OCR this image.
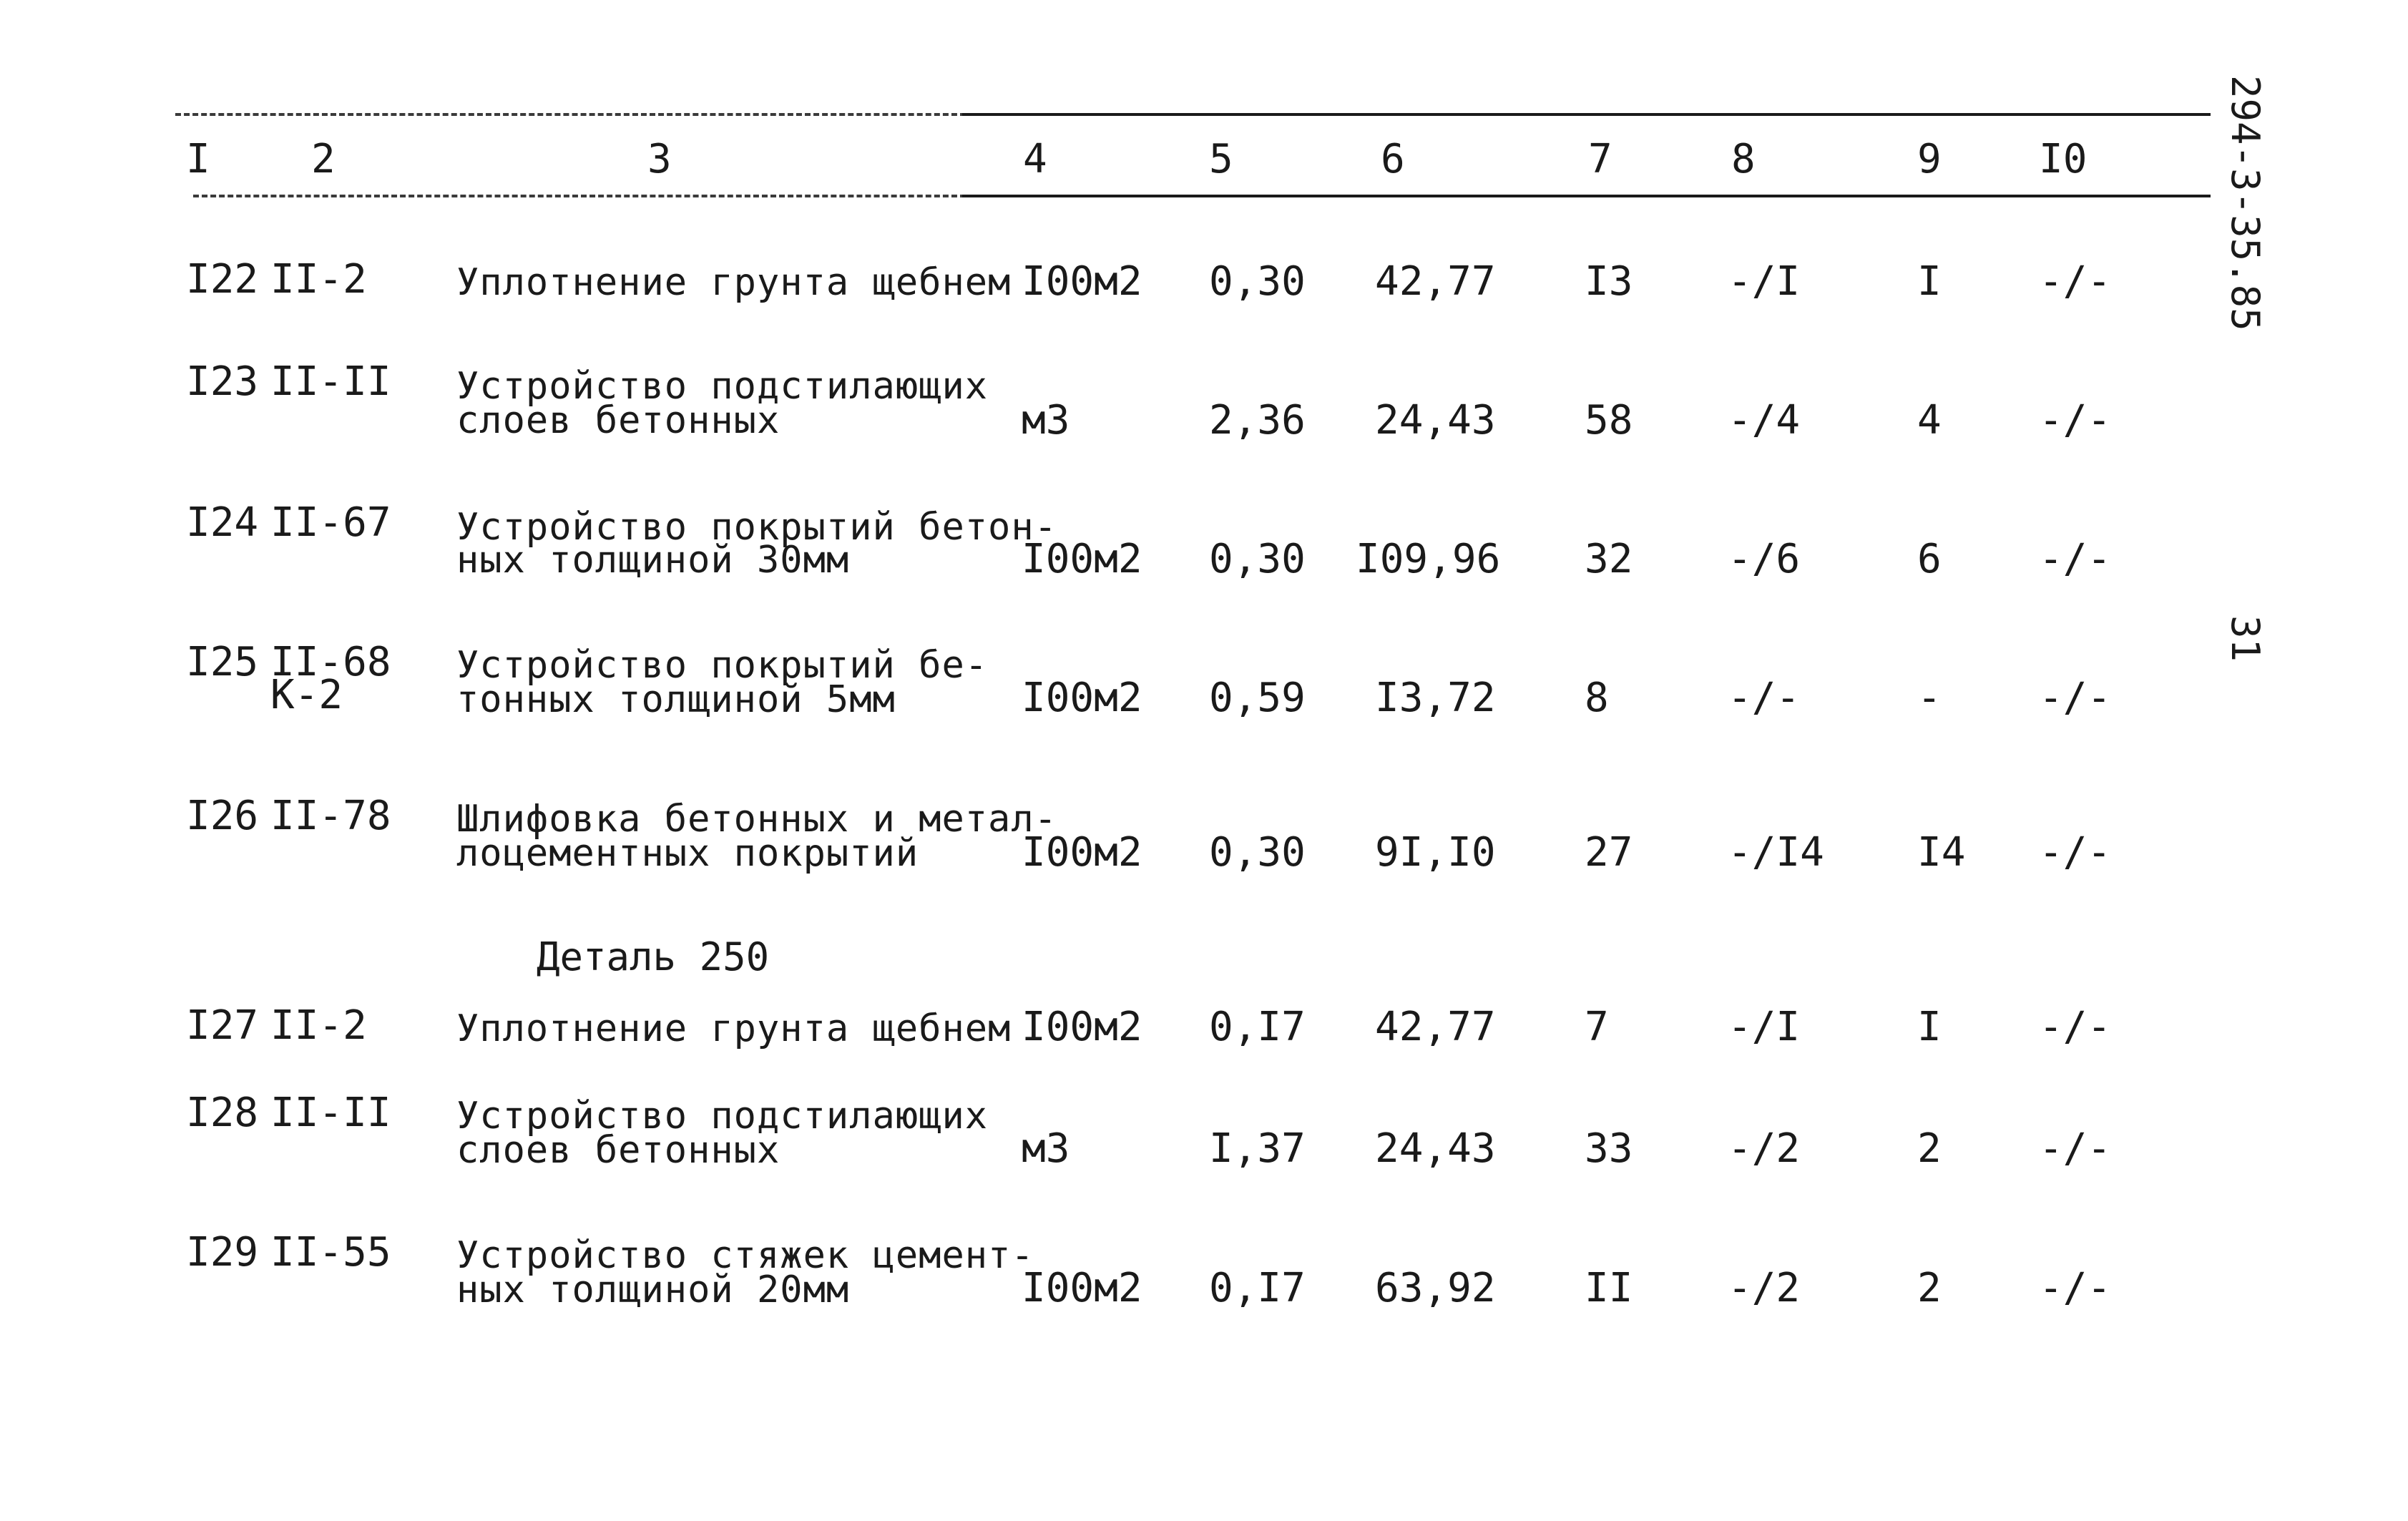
I	2	3	4	5	6	7	8	9 I0	294-3-35.85
31
I22 II-2 Уплотнение грунта щебнем I00м2 0,30 42,77 I3 -/I	I -/-
I23 II-II Устройство подстилающих
слоев бетонных	м3	2,36 24,43 58 -/4	4 -/-
I24 II-67 Устройство покрытий бетон-
ных толщиной 30мм	I00м2 0,30 I09,96 32 -/6	6 -/-
I25 II-68
К-2
Устройство покрытий бе-
тонных толщиной 5мм	I00м2 0,59 I3,72 8	-/-	- -/-
I26 II-78 Шлифовка бетонных и метал-
лоцементных покрытий	I00м2 0,30 9I,I0 27 -/I4 I4 -/-
Деталь 250
I27 II-2 Уплотнение грунта щебнем I00м2 0,I7 42,77 7	-/I	I -/-
I28 II-II Устройство подстилающих
слоев бетонных	м3	I,37 24,43 33 -/2	2 -/-
I29 II-55 Устройство стяжек цемент-
ных толщиной 20мм	I00м2 0,I7 63,92 II -/2	2 -/-
